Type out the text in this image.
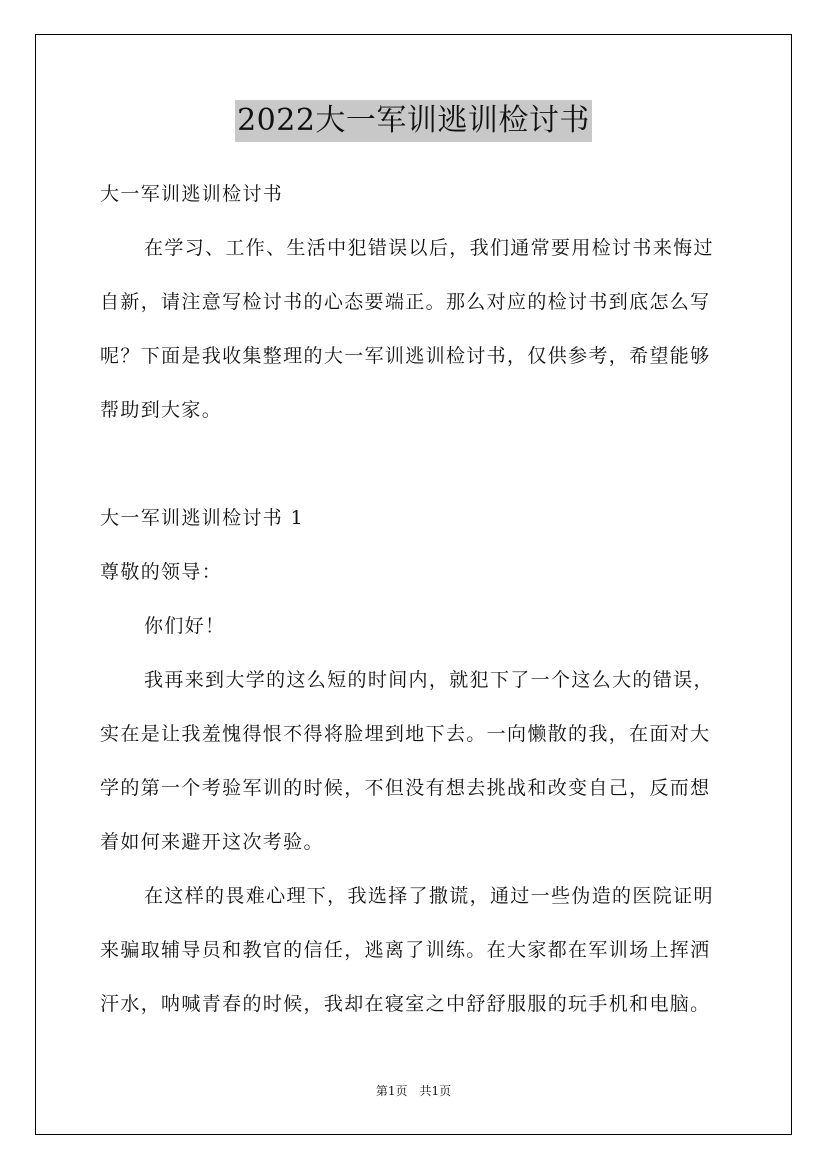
2022大一军训逃训检讨书
大一军训逃训检讨书
在学习、工作、生活中犯错误以后，我们通常要用检讨书来悔过
自新，请注意写检讨书的心态要端正。那么对应的检讨书到底怎么写
呢？下面是我收集整理的大一军训逃训检讨书，仅供参考，希望能够
帮助到大家。
大一军训逃训检讨书 1
尊敬的领导：
你们好！
我再来到大学的这么短的时间内，就犯下了一个这么大的错误，
实在是让我羞愧得恨不得将脸埋到地下去。一向懒散的我，在面对大
学的第一个考验军训的时候，不但没有想去挑战和改变自己，反而想
着如何来避开这次考验。
在这样的畏难心理下，我选择了撒谎，通过一些伪造的医院证明
来骗取辅导员和教官的信任，逃离了训练。在大家都在军训场上挥洒
汗水，呐喊青春的时候，我却在寝室之中舒舒服服的玩手机和电脑。
第1页　共1页
